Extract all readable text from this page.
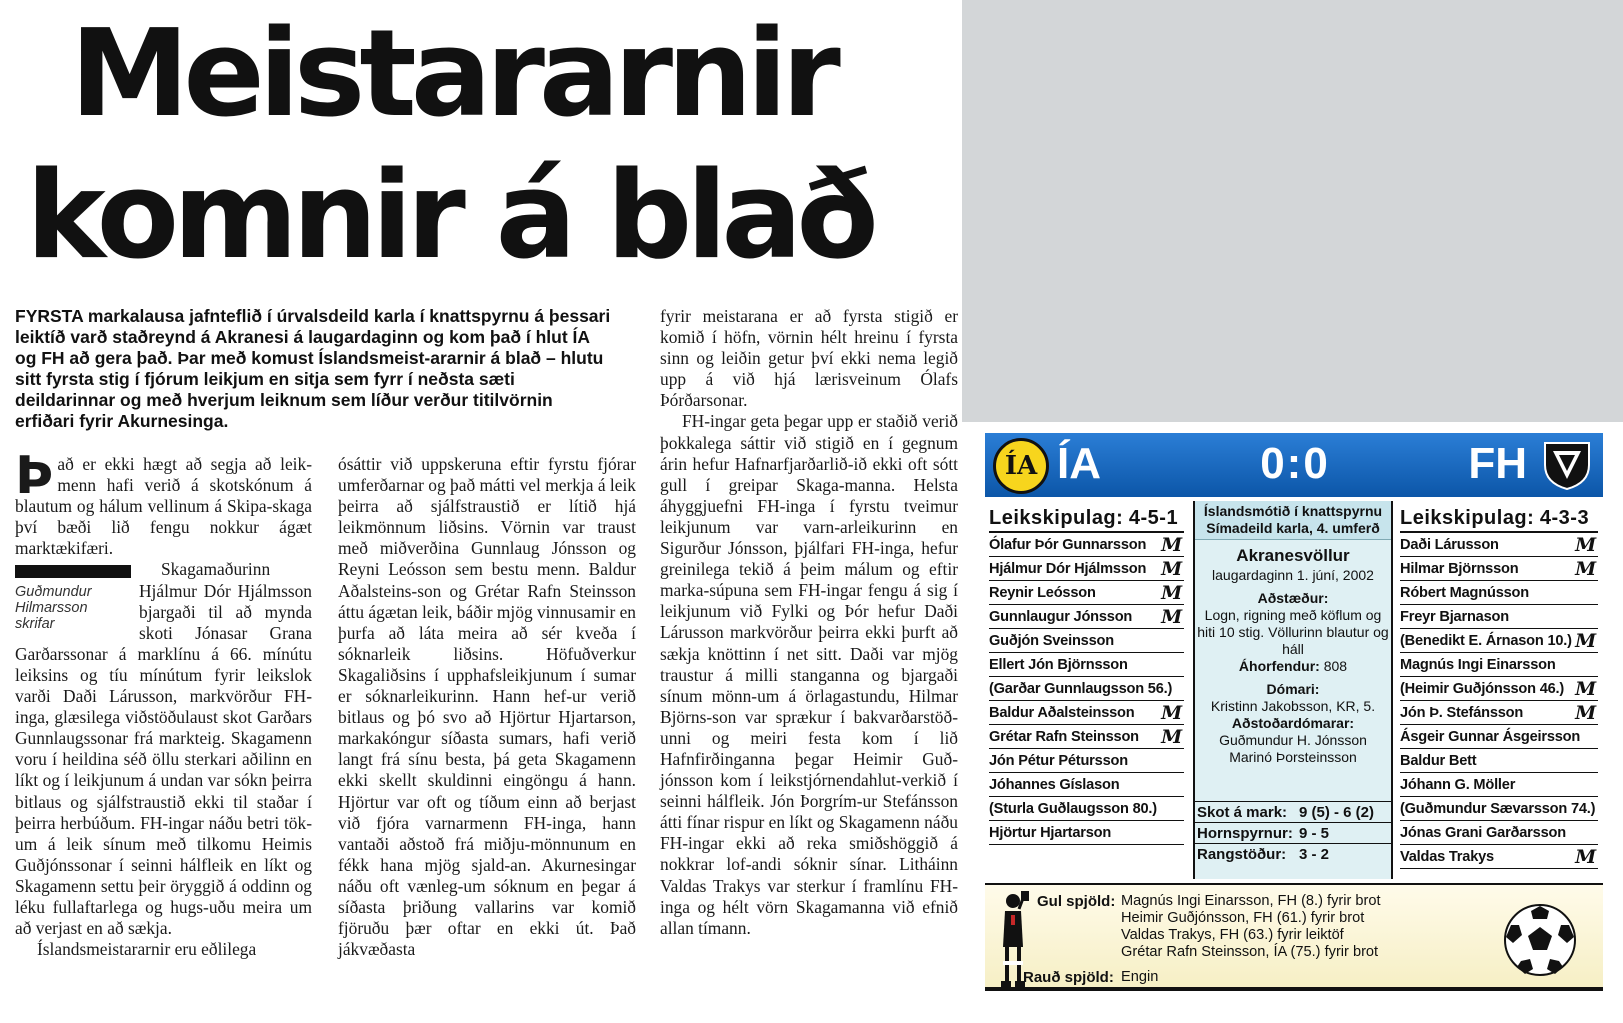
Meistararnir
komnir á blað
FYRSTA markalausa jafnteflið í úrvalsdeild karla í knattspyrnu á þessari leiktíð varð staðreynd á Akranesi á laugardaginn og kom það í hlut ÍA og FH að gera það. Þar með komust Íslandsmeist-ararnir á blað – hlutu sitt fyrsta stig í fjórum leikjum en sitja sem fyrr í neðsta sæti deildarinnar og með hverjum leiknum sem líður verður titilvörnin erfiðari fyrir Akurnesinga.

Þ að er ekki hægt að segja að leik-menn hafi verið á skotskónum á blautum og hálum vellinum á Skipa-skaga því bæði lið fengu nokkur ágæt marktækifæri.

Guðmundur Hilmarsson
skrifar

Skagamaðurinn Hjálmur Dór Hjálmsson bjargaði til að mynda skoti Jónasar Grana Garðarssonar á marklínu á 66. mínútu leiksins og tíu mínútum fyrir leikslok varði Daði Lárusson, markvörður FH-inga, glæsilega viðstöðulaust skot Garðars Gunnlaugssonar frá markteig. Skagamenn voru í heildina séð öllu sterkari aðilinn en líkt og í leikjunum á undan var sókn þeirra bitlaus og sjálfstraustið ekki til staðar í þeirra herbúðum. FH-ingar náðu betri tök-um á leik sínum með tilkomu Heimis Guðjónssonar í seinni hálfleik en líkt og Skagamenn settu þeir öryggið á oddinn og léku fullaftarlega og hugs-uðu meira um að verjast en að sækja.

Íslandsmeistararnir eru eðlilega

ósáttir við uppskeruna eftir fyrstu fjórar umferðarnar og það mátti vel merkja á leik þeirra að sjálfstraustið er lítið hjá leikmönnum liðsins. Vörnin var traust með miðverðina Gunnlaug Jónsson og Reyni Leósson sem bestu menn. Baldur Aðalsteins-son og Grétar Rafn Steinsson áttu ágætan leik, báðir mjög vinnusamir en þurfa að láta meira að sér kveða í sóknarleik liðsins. Höfuðverkur Skagaliðsins í upphafsleikjunum í sumar er sóknarleikurinn. Hann hef-ur verið bitlaus og þó svo að Hjörtur Hjartarson, markakóngur síðasta sumars, hafi verið langt frá sínu besta, þá geta Skagamenn ekki skellt skuldinni eingöngu á hann. Hjörtur var oft og tíðum einn að berjast við fjóra varnarmenn FH-inga, hann vantaði aðstoð frá miðju-mönnunum en fékk hana mjög sjald-an. Akurnesingar náðu oft vænleg-um sóknum en þegar á síðasta þriðung vallarins var komið fjöruðu þær oftar en ekki út. Það jákvæðasta

fyrir meistarana er að fyrsta stigið er komið í höfn, vörnin hélt hreinu í fyrsta sinn og leiðin getur því ekki nema legið upp á við hjá lærisveinum Ólafs Þórðarsonar.

FH-ingar geta þegar upp er staðið verið þokkalega sáttir við stigið en í gegnum árin hefur Hafnarfjarðarlið-ið ekki oft sótt gull í greipar Skaga-manna. Helsta áhyggjuefni FH-inga í fyrstu tveimur leikjunum var varn-arleikurinn en Sigurður Jónsson, þjálfari FH-inga, hefur greinilega tekið á þeim málum og eftir marka-súpuna sem FH-ingar fengu á sig í leikjunum við Fylki og Þór hefur Daði Lárusson markvörður þeirra ekki þurft að sækja knöttinn í net sitt. Daði var mjög traustur á milli stanganna og bjargaði sínum mönn-um á örlagastundu, Hilmar Björns-son var sprækur í bakvarðarstöð-unni og meiri festa kom í lið Hafnfirðinganna þegar Heimir Guð-jónsson kom í leikstjórnendahlut-verkið í seinni hálfleik. Jón Þorgrím-ur Stefánsson átti fínar rispur en líkt og Skagamenn náðu FH-ingar ekki að reka smiðshöggið á nokkrar lof-andi sóknir sínar. Litháinn Valdas Trakys var sterkur í framlínu FH-inga og hélt vörn Skagamanna við efnið allan tímann.

ÍA ÍA	0:0	FH
Leikskipulag: 4-5-1
Ólafur Þór Gunnarsson M
Hjálmur Dór Hjálmsson M
Reynir Leósson	M
Gunnlaugur Jónsson M
Guðjón Sveinsson
Ellert Jón Björnsson
(Garðar Gunnlaugsson 56.)
Baldur Aðalsteinsson M
Grétar Rafn Steinsson M
Jón Pétur Pétursson
Jóhannes Gíslason
(Sturla Guðlaugsson 80.)
Hjörtur Hjartarson
Íslandsmótið í knattspyrnu
Símadeild karla, 4. umferð
Akranesvöllur
laugardaginn 1. júní, 2002
Aðstæður:
Logn, rigning með köflum og hiti 10 stig. Völlurinn blautur og háll
Áhorfendur: 808
Dómari:
Kristinn Jakobsson, KR, 5.
Aðstoðardómarar:
Guðmundur H. Jónsson
Marinó Þorsteinsson
Skot á mark: 9 (5) - 6 (2)
Hornspyrnur: 9 - 5
Rangstöður: 3 - 2
Leikskipulag: 4-3-3
Daði Lárusson	M
Hilmar Björnsson	M
Róbert Magnússon
Freyr Bjarnason
(Benedikt E. Árnason 10.) M
Magnús Ingi Einarsson
(Heimir Guðjónsson 46.) M
Jón Þ. Stefánsson	M
Ásgeir Gunnar Ásgeirsson
Baldur Bett
Jóhann G. Möller
(Guðmundur Sævarsson 74.)
Jónas Grani Garðarsson
Valdas Trakys	M
Gul spjöld: Magnús Ingi Einarsson, FH (8.) fyrir brot
Heimir Guðjónsson, FH (61.) fyrir brot
Valdas Trakys, FH (63.) fyrir leiktöf
Grétar Rafn Steinsson, ÍA (75.) fyrir brot
Rauð spjöld: Engin
